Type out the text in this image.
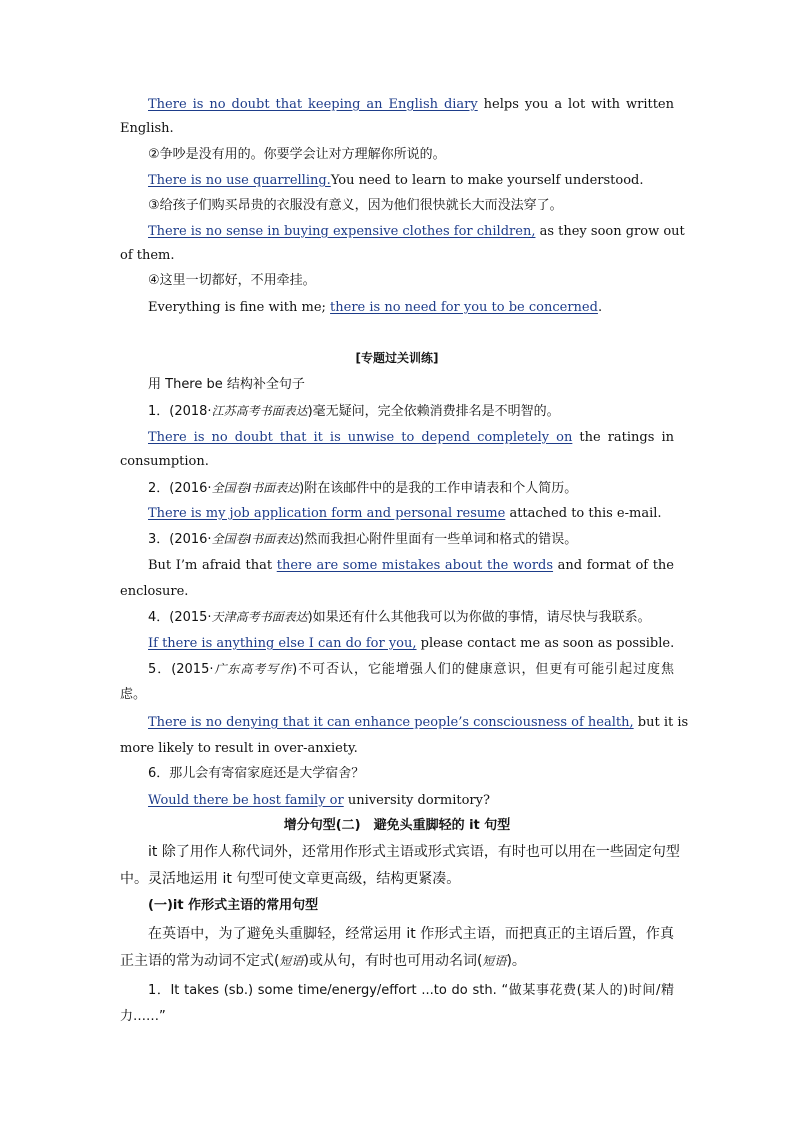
There is no doubt that keeping an English diary helps you a lot with written
English.
②争吵是没有用的。你要学会让对方理解你所说的。
There is no use quarrelling.You need to learn to make yourself understood.
③给孩子们购买昂贵的衣服没有意义，因为他们很快就长大而没法穿了。
There is no sense in buying expensive clothes for children, as they soon grow out
of them.
④这里一切都好，不用牵挂。
Everything is fine with me; there is no need for you to be concerned.
[专题过关训练]
用 There be 结构补全句子
1．(2018·江苏高考书面表达)毫无疑问，完全依赖消费排名是不明智的。
There is no doubt that it is unwise to depend completely on the ratings in
consumption.
2．(2016·全国卷Ⅰ书面表达)附在该邮件中的是我的工作申请表和个人简历。
There is my job application form and personal resume attached to this e-mail.
3．(2016·全国卷Ⅰ书面表达)然而我担心附件里面有一些单词和格式的错误。
But I’m afraid that there are some mistakes about the words and format of the
enclosure.
4．(2015·天津高考书面表达)如果还有什么其他我可以为你做的事情，请尽快与我联系。
If there is anything else I can do for you, please contact me as soon as possible.
5．(2015·广东高考写作)不可否认，它能增强人们的健康意识，但更有可能引起过度焦
虑。
There is no denying that it can enhance people’s consciousness of health, but it is
more likely to result in over-anxiety.
6．那儿会有寄宿家庭还是大学宿舍？
Would there be host family or university dormitory?
增分句型(二)　避免头重脚轻的 it 句型
it 除了用作人称代词外，还常用作形式主语或形式宾语，有时也可以用在一些固定句型
中。灵活地运用 it 句型可使文章更高级，结构更紧凑。
(一)it 作形式主语的常用句型
在英语中，为了避免头重脚轻，经常运用 it 作形式主语，而把真正的主语后置，作真
正主语的常为动词不定式(短语)或从句，有时也可用动名词(短语)。
1．It takes (sb.) some time/energy/effort ...to do sth. “做某事花费(某人的)时间/精
力……”
